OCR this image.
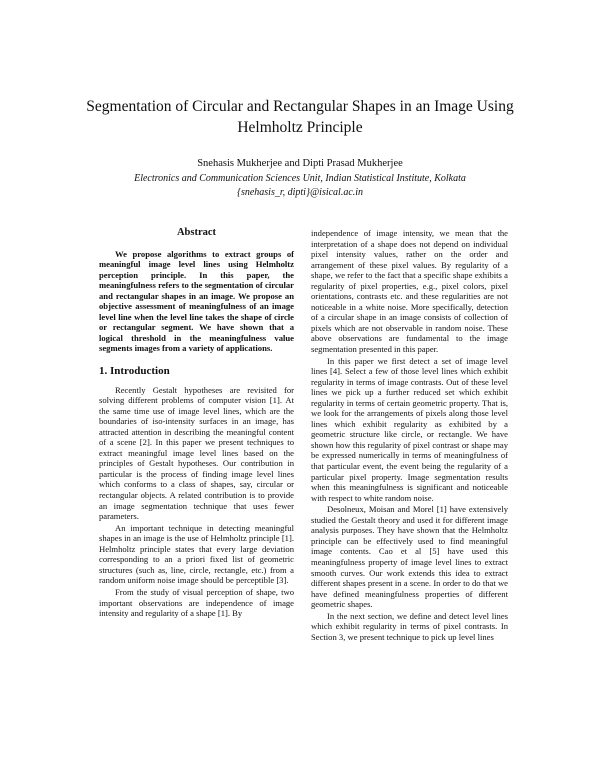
Segmentation of Circular and Rectangular Shapes in an Image Using Helmholtz Principle
Snehasis Mukherjee and Dipti Prasad Mukherjee
Electronics and Communication Sciences Unit, Indian Statistical Institute, Kolkata
{snehasis_r, dipti}@isical.ac.in
Abstract

We propose algorithms to extract groups of meaningful image level lines using Helmholtz perception principle. In this paper, the meaningfulness refers to the segmentation of circular and rectangular shapes in an image. We propose an objective assessment of meaningfulness of an image level line when the level line takes the shape of circle or rectangular segment. We have shown that a logical threshold in the meaningfulness value segments images from a variety of applications.

1. Introduction

Recently Gestalt hypotheses are revisited for solving different problems of computer vision [1]. At the same time use of image level lines, which are the boundaries of iso-intensity surfaces in an image, has attracted attention in describing the meaningful content of a scene [2]. In this paper we present techniques to extract meaningful image level lines based on the principles of Gestalt hypotheses. Our contribution in particular is the process of finding image level lines which conforms to a class of shapes, say, circular or rectangular objects. A related contribution is to provide an image segmentation technique that uses fewer parameters.

An important technique in detecting meaningful shapes in an image is the use of Helmholtz principle [1]. Helmholtz principle states that every large deviation corresponding to an a priori fixed list of geometric structures (such as, line, circle, rectangle, etc.) from a random uniform noise image should be perceptible [3].

From the study of visual perception of shape, two important observations are independence of image intensity and regularity of a shape [1]. By

independence of image intensity, we mean that the interpretation of a shape does not depend on individual pixel intensity values, rather on the order and arrangement of these pixel values. By regularity of a shape, we refer to the fact that a specific shape exhibits a regularity of pixel properties, e.g., pixel colors, pixel orientations, contrasts etc. and these regularities are not noticeable in a white noise. More specifically, detection of a circular shape in an image consists of collection of pixels which are not observable in random noise. These above observations are fundamental to the image segmentation presented in this paper.

In this paper we first detect a set of image level lines [4]. Select a few of those level lines which exhibit regularity in terms of image contrasts. Out of these level lines we pick up a further reduced set which exhibit regularity in terms of certain geometric property. That is, we look for the arrangements of pixels along those level lines which exhibit regularity as exhibited by a geometric structure like circle, or rectangle. We have shown how this regularity of pixel contrast or shape may be expressed numerically in terms of meaningfulness of that particular event, the event being the regularity of a particular pixel property. Image segmentation results when this meaningfulness is significant and noticeable with respect to white random noise.

Desolneux, Moisan and Morel [1] have extensively studied the Gestalt theory and used it for different image analysis purposes. They have shown that the Helmholtz principle can be effectively used to find meaningful image contents. Cao et al [5] have used this meaningfulness property of image level lines to extract smooth curves. Our work extends this idea to extract different shapes present in a scene. In order to do that we have defined meaningfulness properties of different geometric shapes.

In the next section, we define and detect level lines which exhibit regularity in terms of pixel contrasts. In Section 3, we present technique to pick up level lines
